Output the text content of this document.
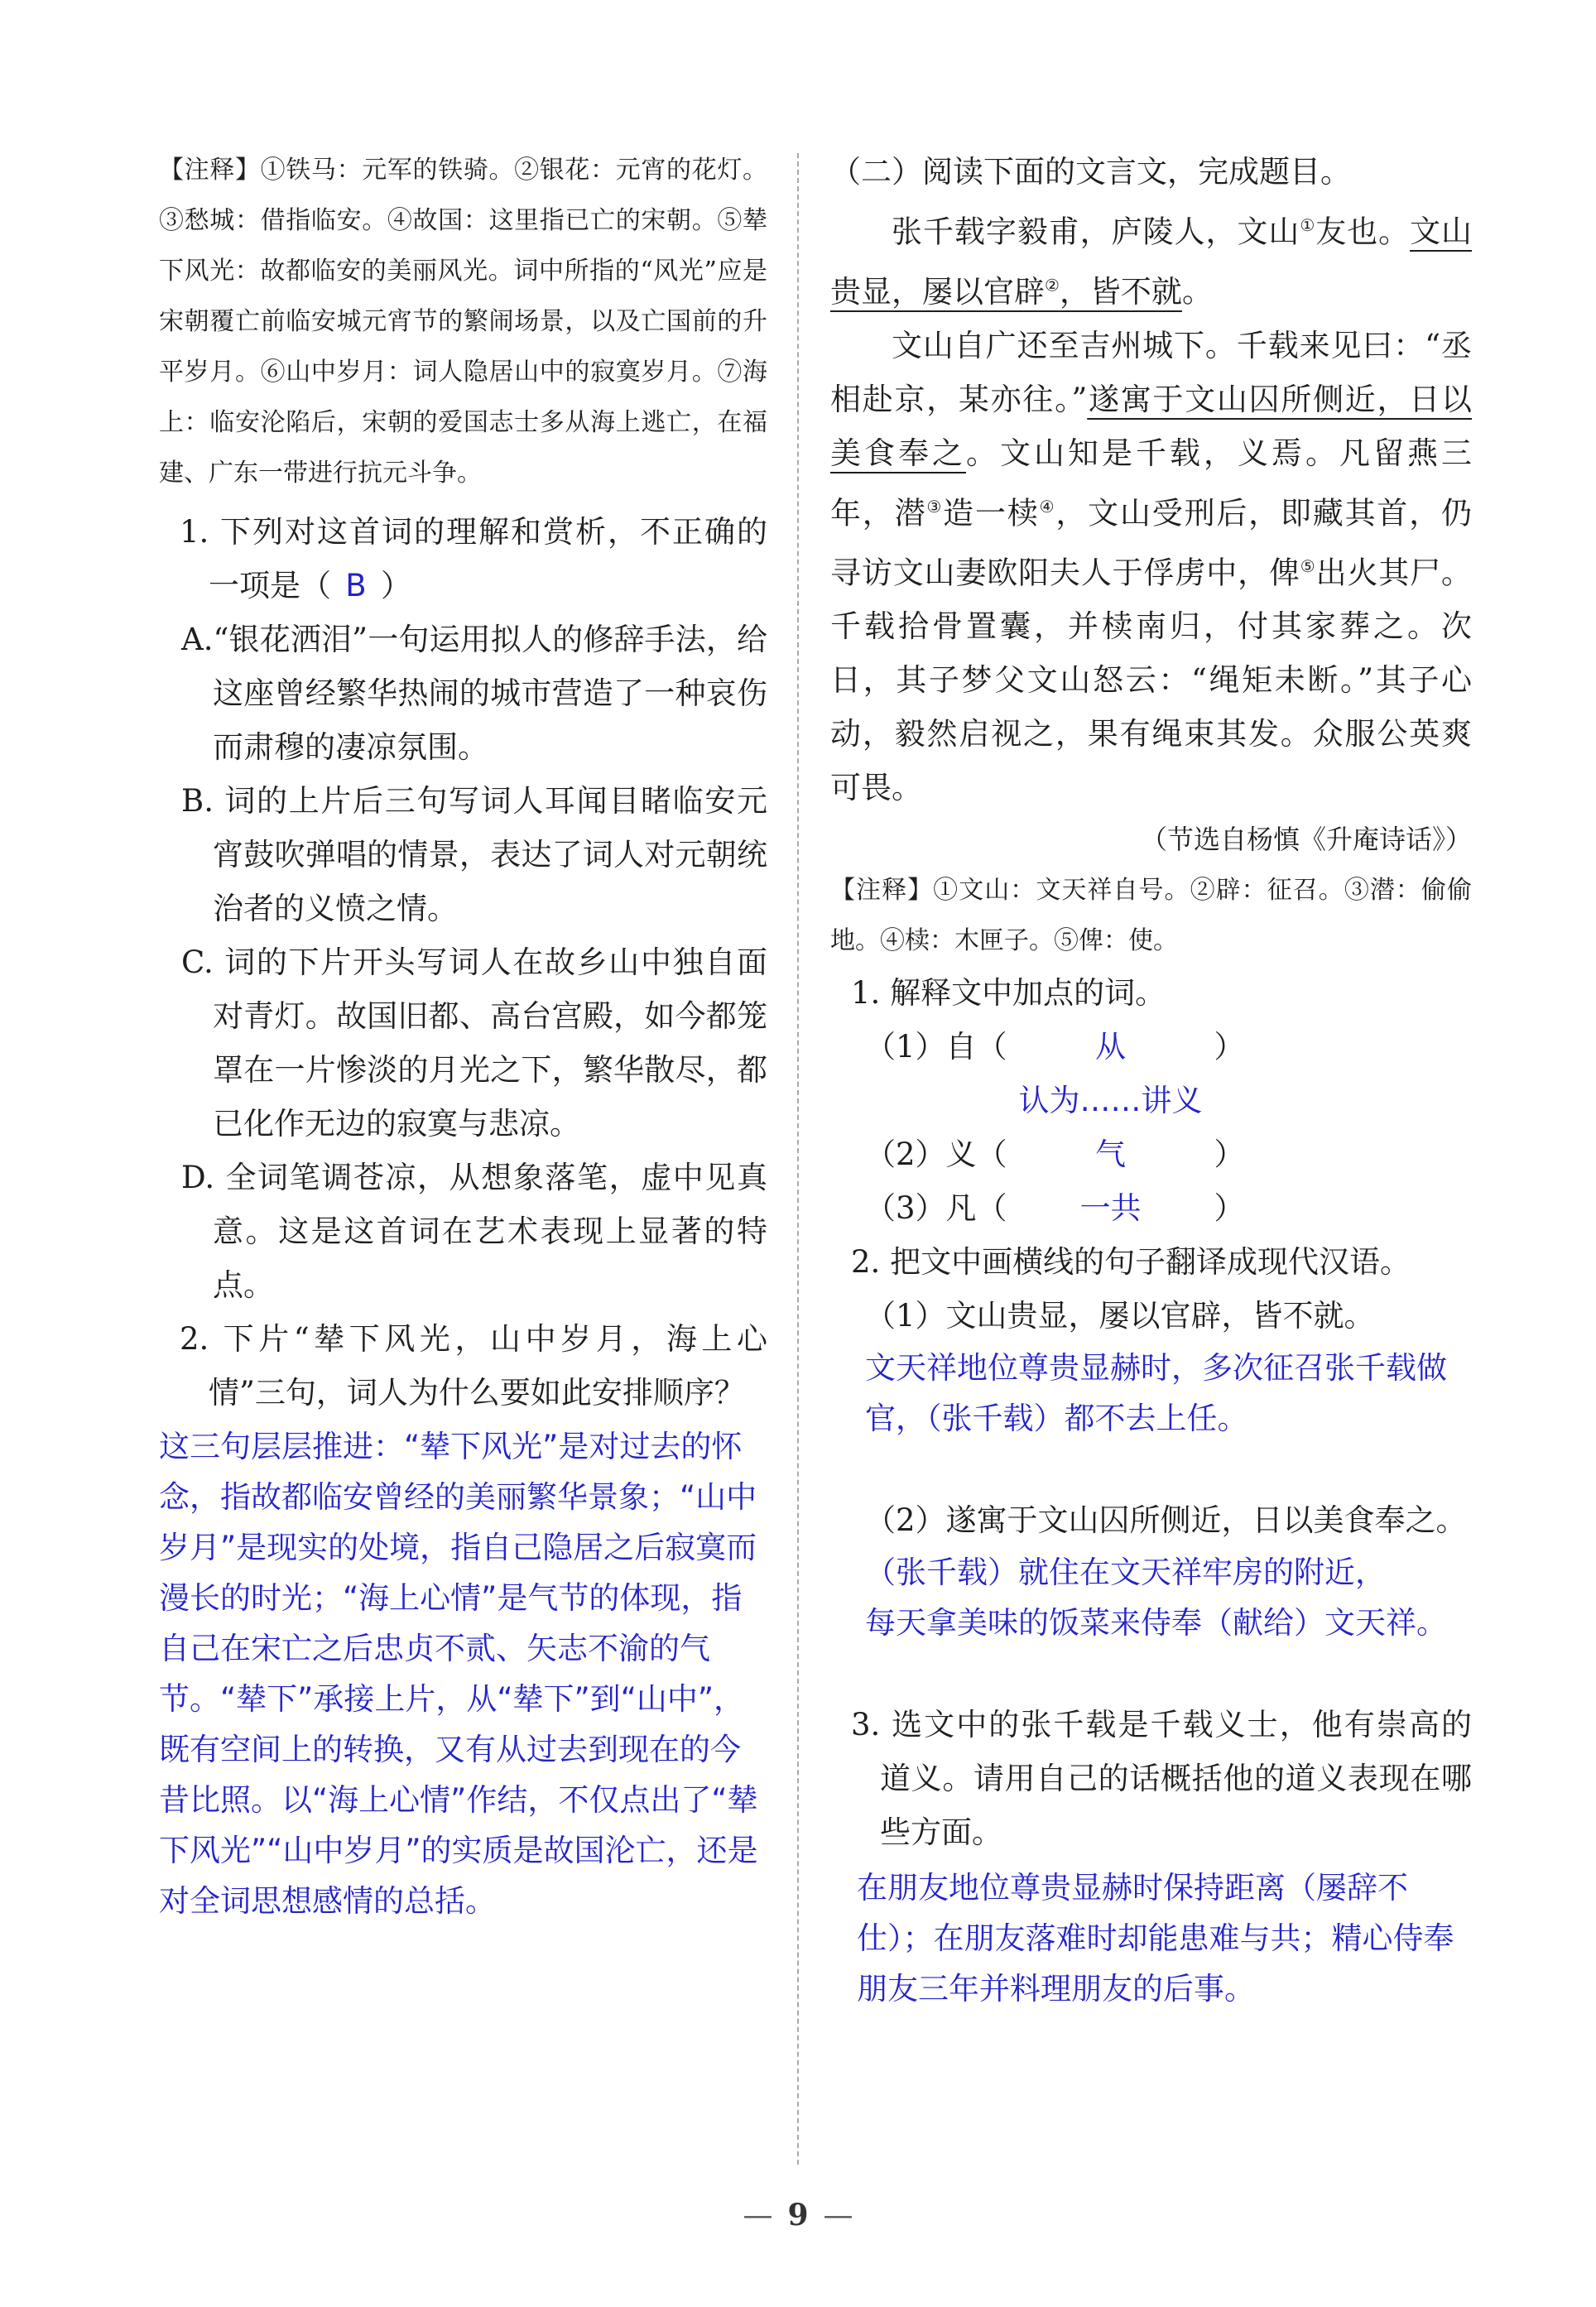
【注释】①铁马：元军的铁骑。②银花：元宵的花灯。③愁城：借指临安。④故国：这里指已亡的宋朝。⑤辇下风光：故都临安的美丽风光。词中所指的“风光”应是宋朝覆亡前临安城元宵节的繁闹场景，以及亡国前的升平岁月。⑥山中岁月：词人隐居山中的寂寞岁月。⑦海上：临安沦陷后，宋朝的爱国志士多从海上逃亡，在福建、广东一带进行抗元斗争。

1. 下列对这首词的理解和赏析，不正确的一项是（ B ）

A.“银花洒泪”一句运用拟人的修辞手法，给这座曾经繁华热闹的城市营造了一种哀伤而肃穆的凄凉氛围。

B. 词的上片后三句写词人耳闻目睹临安元宵鼓吹弹唱的情景，表达了词人对元朝统治者的义愤之情。

C. 词的下片开头写词人在故乡山中独自面对青灯。故国旧都、高台宫殿，如今都笼罩在一片惨淡的月光之下，繁华散尽，都已化作无边的寂寞与悲凉。

D. 全词笔调苍凉，从想象落笔，虚中见真意。这是这首词在艺术表现上显著的特点。

2. 下片“辇下风光，山中岁月，海上心情”三句，词人为什么要如此安排顺序？

这三句层层推进：“辇下风光”是对过去的怀念，指故都临安曾经的美丽繁华景象；“山中岁月”是现实的处境，指自己隐居之后寂寞而漫长的时光；“海上心情”是气节的体现，指自己在宋亡之后忠贞不贰、矢志不渝的气节。“辇下”承接上片，从“辇下”到“山中”，既有空间上的转换，又有从过去到现在的今昔比照。以“海上心情”作结，不仅点出了“辇下风光”“山中岁月”的实质是故国沦亡，还是对全词思想感情的总括。

（二）阅读下面的文言文，完成题目。

张千载字毅甫，庐陵人，文山①友也。文山贵显，屡以官辟②，皆不就。

文山自广还至吉州城下。千载来见曰：“丞相赴京，某亦往。”遂寓于文山囚所侧近，日以美食奉之。文山知是千载，义焉。凡留燕三年，潜③造一椟④，文山受刑后，即藏其首，仍寻访文山妻欧阳夫人于俘虏中，俾⑤出火其尸。千载拾骨置囊，并椟南归，付其家葬之。次日，其子梦父文山怒云：“绳矩未断。”其子心动，毅然启视之，果有绳束其发。众服公英爽可畏。

（节选自杨慎《升庵诗话》）

【注释】①文山：文天祥自号。②辟：征召。③潜：偷偷地。④椟：木匣子。⑤俾：使。

1. 解释文中加点的词。

（1）自（	从	）

（2）义（认为……讲义气	）

（3）凡（ 一共 ）

2. 把文中画横线的句子翻译成现代汉语。

（1）文山贵显，屡以官辟，皆不就。

文天祥地位尊贵显赫时，多次征召张千载做官，（张千载）都不去上任。

（2）遂寓于文山囚所侧近，日以美食奉之。

（张千载）就住在文天祥牢房的附近，

每天拿美味的饭菜来侍奉（献给）文天祥。

3. 选文中的张千载是千载义士，他有崇高的道义。请用自己的话概括他的道义表现在哪些方面。

在朋友地位尊贵显赫时保持距离（屡辞不仕）；在朋友落难时却能患难与共；精心侍奉朋友三年并料理朋友的后事。

— 9 —
